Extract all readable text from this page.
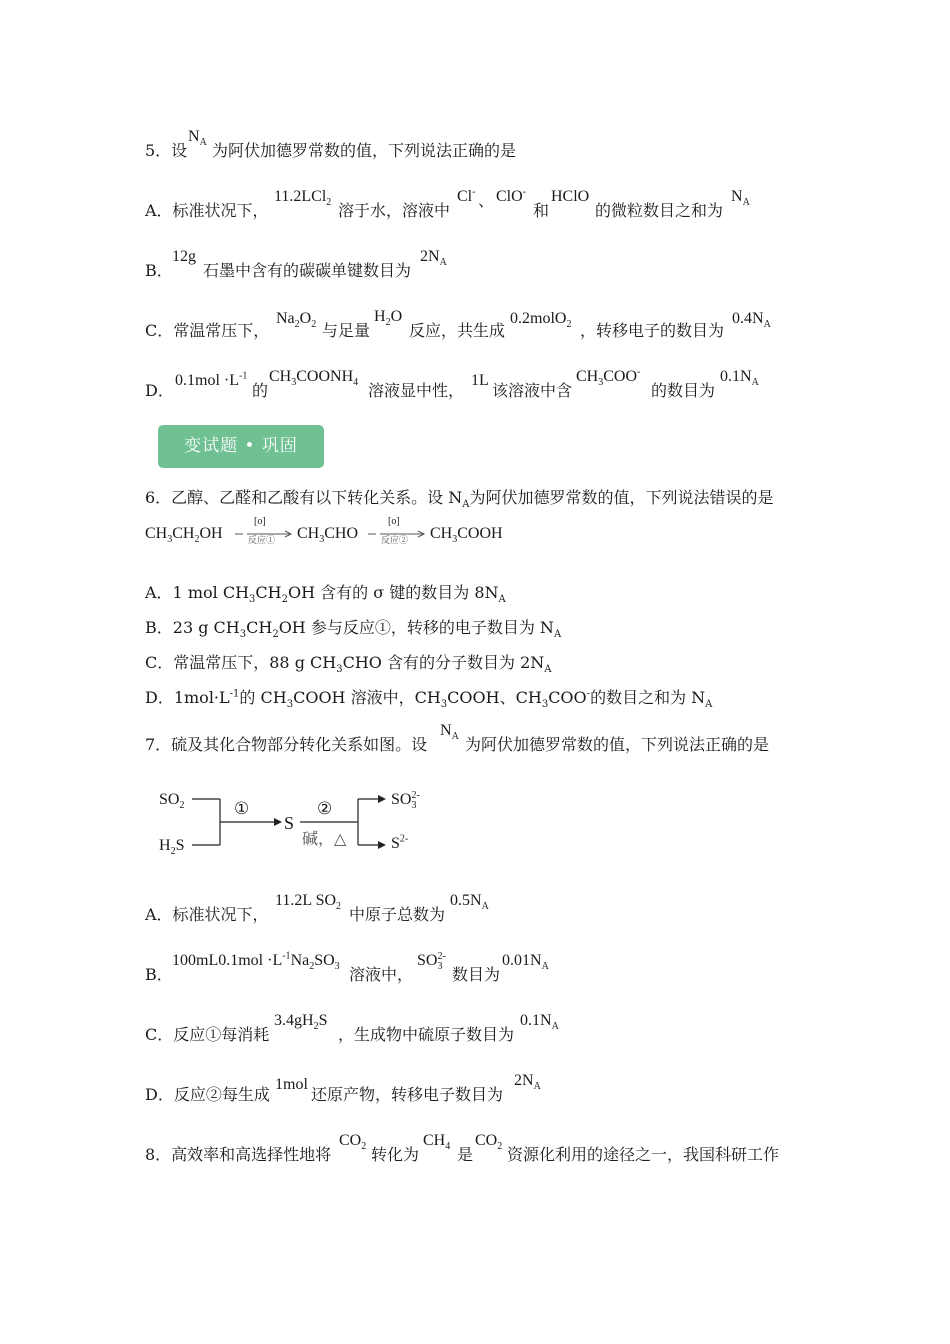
5．设
$N_A$ 为阿伏加德罗常数的值，下列说法正确的是
A．标准状况下，
11.2LCl$_2$ 溶于水，溶液中
Cl- 、 ClO-
和
HClO
的微粒数目之和为
$N_A$
B．
12g
石墨中含有的碳碳单键数目为
$2N_A$
C．常温常压下，
$Na_2O_2$ 与足量
$H_2O$
反应，共生成
0.2molO$_2$ ，转移电子的数目为
$0.4N_A$
D．
$0.1mol \cdot L^{-1}$
的
$CH_3COONH_4$ 溶液显中性，
1L
该溶液中含
$CH_3COO^-$
的数目为
$0.1N_A$
变试题 • 巩固
6．乙醇、乙醛和乙酸有以下转化关系。设 $N_A$为阿伏加德罗常数的值，下列说法错误的是
$CH_3CH_2OH$
[o]
反应① $CH_3CHO$
[o]
反应② $CH_3COOH$
A．1 mol $CH_3CH_2OH$ 含有的 σ 键的数目为 $8N_A$
B．23 g $CH_3CH_2OH$ 参与反应①，转移的电子数目为 $N_A$
C．常温常压下，88 g $CH_3CHO$ 含有的分子数目为 $2N_A$
D．$1mol\cdot L^{-1}$的 $CH_3COOH$ 溶液中，$CH_3COOH$、$CH_3COO^-$的数目之和为 $N_A$
7．硫及其化合物部分转化关系如图。设
$N_A$ 为阿伏加德罗常数的值，下列说法正确的是
$SO_2$
$H_2S$
①
S
②
碱，△
$SO_3^{2-}$
$S^{2-}$
A．标准状况下，
11.2L $SO_2$ 中原子总数为
$0.5N_A$
B．
$100mL0.1mol \cdot L^{-1}Na_2SO_3$ 溶液中，
$SO_3^{2-}$
数目为
$0.01N_A$
C．反应①每消耗
$3.4gH_2S$
，生成物中硫原子数目为
$0.1N_A$
D．反应②每生成
1mol
还原产物，转移电子数目为
$2N_A$
8．高效率和高选择性地将
$CO_2$ 转化为
$CH_4$ 是
$CO_2$ 资源化利用的途径之一，我国科研工作
